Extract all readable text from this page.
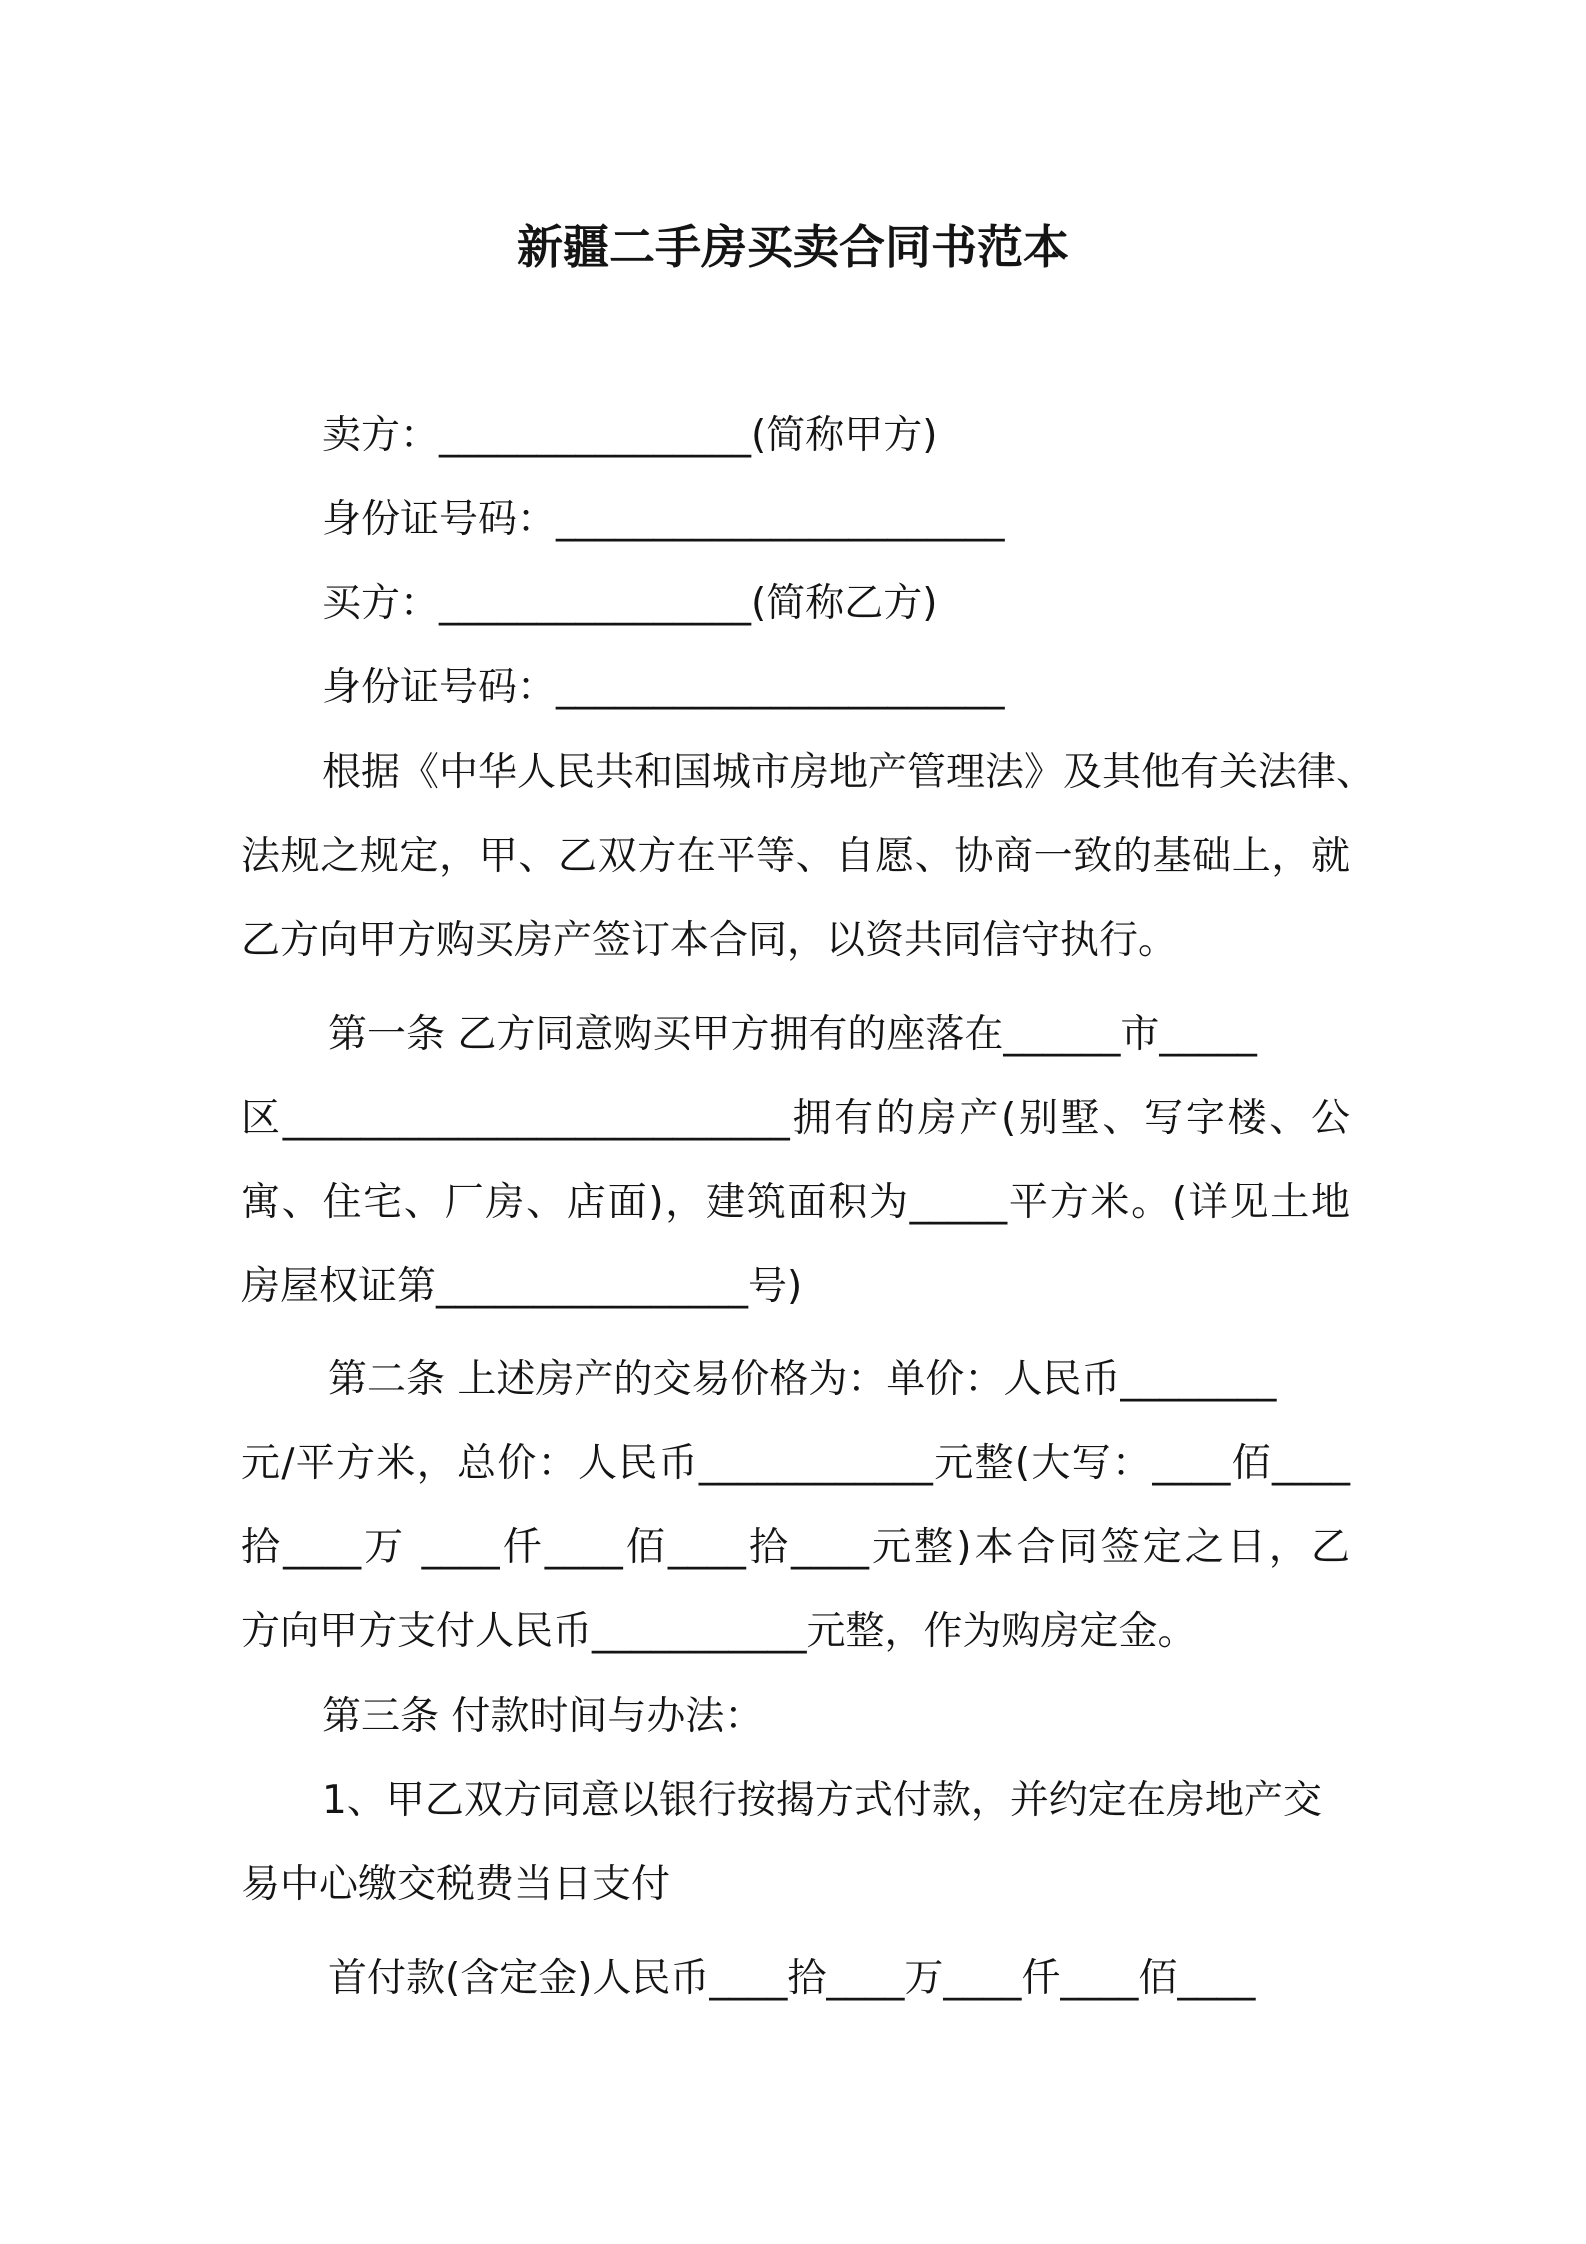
新疆二手房买卖合同书范本
卖方：________________(简称甲方)
身份证号码：_______________________
买方：________________(简称乙方)
身份证号码：_______________________
根据《中华人民共和国城市房地产管理法》及其他有关法律、
法规之规定，甲、乙双方在平等、自愿、协商一致的基础上，就
乙方向甲方购买房产签订本合同，以资共同信守执行。
第一条 乙方同意购买甲方拥有的座落在______市_____
区__________________________拥有的房产(别墅、写字楼、公
寓、住宅、厂房、店面)，建筑面积为_____平方米。(详见土地
房屋权证第________________号)
第二条 上述房产的交易价格为：单价：人民币________
元/平方米，总价：人民币____________元整(大写：____佰____
拾____万 ____仟____佰____拾____元整)本合同签定之日，乙
方向甲方支付人民币___________元整，作为购房定金。
第三条 付款时间与办法：
1、甲乙双方同意以银行按揭方式付款，并约定在房地产交
易中心缴交税费当日支付
首付款(含定金)人民币____拾____万____仟____佰____
